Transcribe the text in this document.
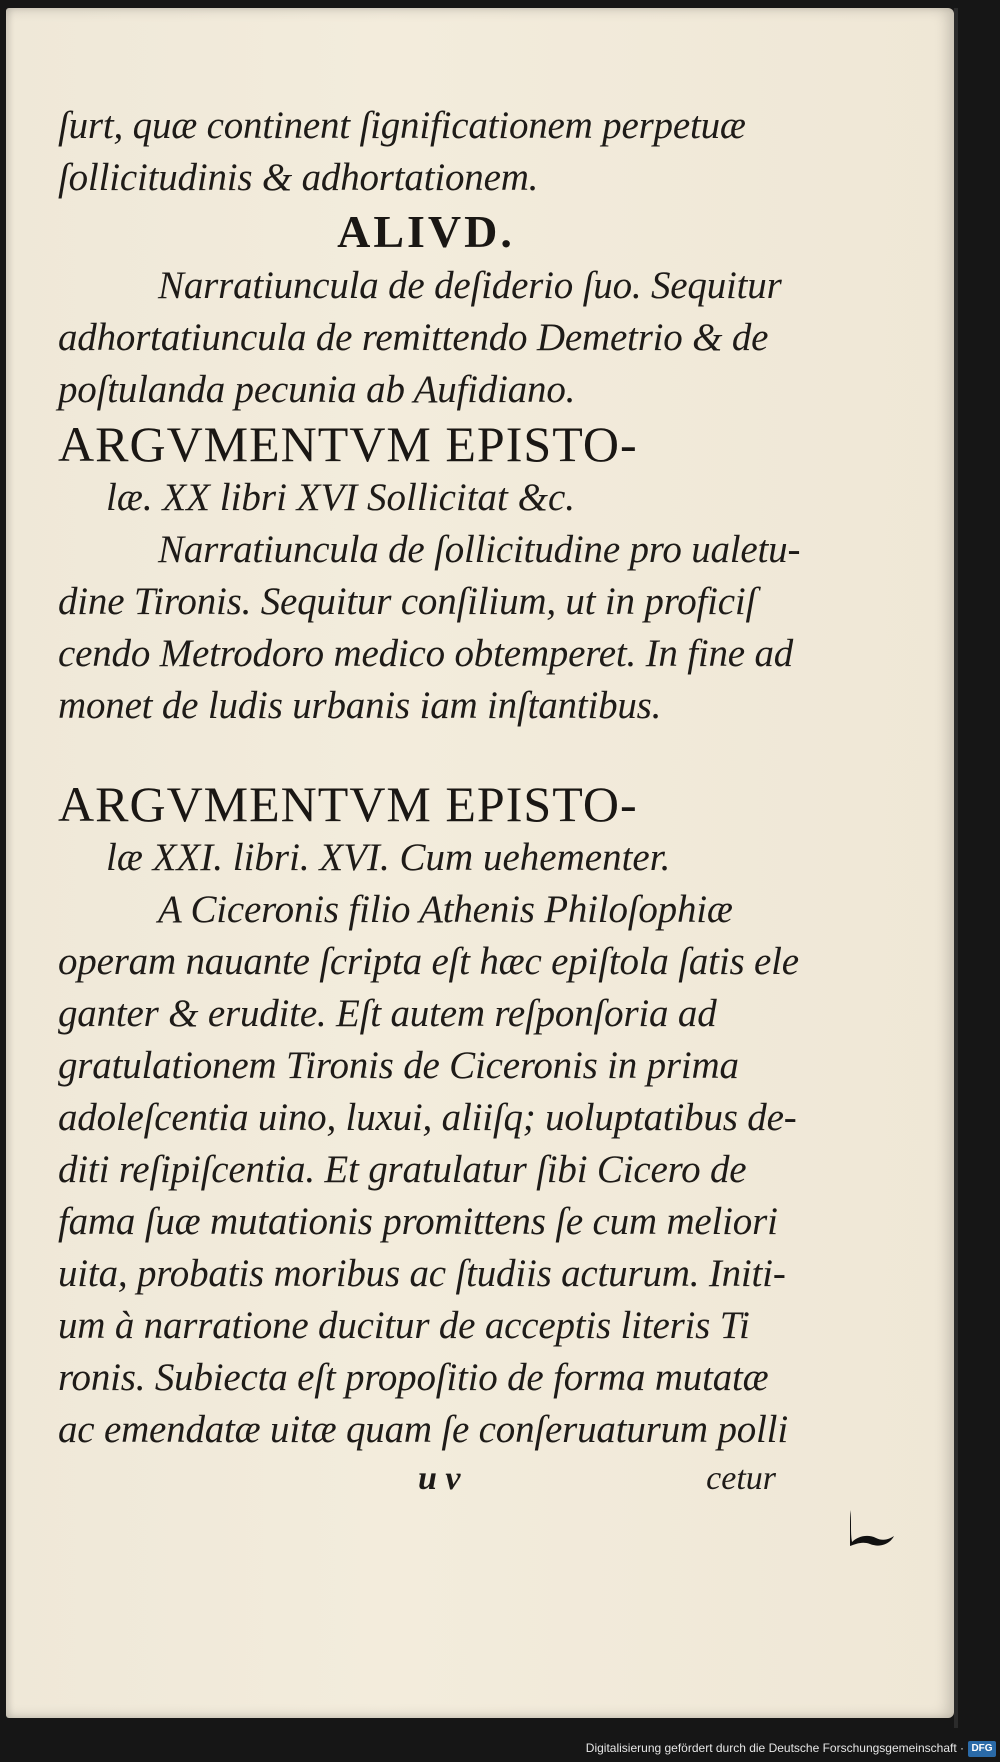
ſurt, quæ continent ſignificationem perpetuæ
ſollicitudinis & adhortationem.
ALIVD.
Narratiuncula de deſiderio ſuo. Sequitur
adhortatiuncula de remittendo Demetrio & de
poſtulanda pecunia ab Aufidiano.
ARGVMENTVM EPISTO-
læ. XX libri XVI Sollicitat &c.
Narratiuncula de ſollicitudine pro ualetu-
dine Tironis. Sequitur conſilium, ut in proficiſ
cendo Metrodoro medico obtemperet. In fine ad
monet de ludis urbanis iam inſtantibus.
ARGVMENTVM EPISTO-
læ XXI. libri. XVI. Cum uehementer.
A Ciceronis filio Athenis Philoſophiæ
operam nauante ſcripta eſt hæc epiſtola ſatis ele
ganter & erudite. Eſt autem reſponſoria ad
gratulationem Tironis de Ciceronis in prima
adoleſcentia uino, luxui, aliiſq; uoluptatibus de-
diti reſipiſcentia. Et gratulatur ſibi Cicero de
fama ſuæ mutationis promittens ſe cum meliori
uita, probatis moribus ac ſtudiis acturum. Initi-
um à narratione ducitur de acceptis literis Ti
ronis. Subiecta eſt propoſitio de forma mutatæ
ac emendatæ uitæ quam ſe conſeruaturum polli
u v	cetur
Digitalisierung gefördert durch die Deutsche Forschungsgemeinschaft · DFG
